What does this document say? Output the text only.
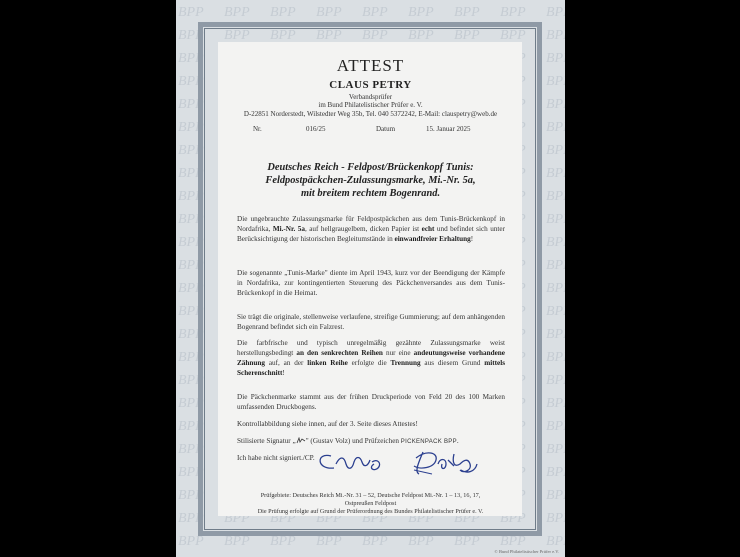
ATTEST
CLAUS PETRY
Verbandsprüfer
im Bund Philatelistischer Prüfer e. V.
D-22851 Norderstedt, Wilstedter Weg 35b, Tel. 040 5372242, E-Mail: clauspetry@web.de
Nr.	016/25	Datum	15. Januar 2025
Deutsches Reich - Feldpost/Brückenkopf Tunis:
Feldpostpäckchen-Zulassungsmarke, Mi.-Nr. 5a,
mit breitem rechtem Bogenrand.
Die ungebrauchte Zulassungsmarke für Feldpostpäckchen aus dem Tunis-Brückenkopf in Nordafrika, Mi.-Nr. 5a, auf hellgraugelbem, dicken Papier ist echt und befindet sich unter Berücksichtigung der historischen Begleitumstände in einwandfreier Erhaltung!
Die sogenannte „Tunis-Marke" diente im April 1943, kurz vor der Beendigung der Kämpfe in Nordafrika, zur kontingentierten Steuerung des Päckchenversandes aus dem Tunis-Brückenkopf in die Heimat.
Sie trägt die originale, stellenweise verlaufene, streifige Gummierung; auf dem anhängenden Bogenrand befindet sich ein Falzrest.
Die farbfrische und typisch unregelmäßig gezähnte Zulassungsmarke weist herstellungsbedingt an den senkrechten Reihen nur eine andeutungsweise vorhandene Zähnung auf, an der linken Reihe erfolgte die Trennung aus diesem Grund mittels Scherenschnitt!
Die Päckchenmarke stammt aus der frühen Druckperiode von Feld 20 des 100 Marken umfassenden Druckbogens.
Kontrollabbildung siehe innen, auf der 3. Seite dieses Attestes!
Stilisierte Signatur „ " (Gustav Volz) und Prüfzeichen PICKENPACK BPP.
Ich habe nicht signiert./CP.
Prüfgebiete: Deutsches Reich Mi.-Nr. 31 – 52, Deutsche Feldpost Mi.-Nr. 1 – 13, 16, 17,
Ostpreußen Feldpost
Die Prüfung erfolgte auf Grund der Prüferordnung des Bundes Philatelistischer Prüfer e. V.
© Bund Philatelistischer Prüfer e.V.
